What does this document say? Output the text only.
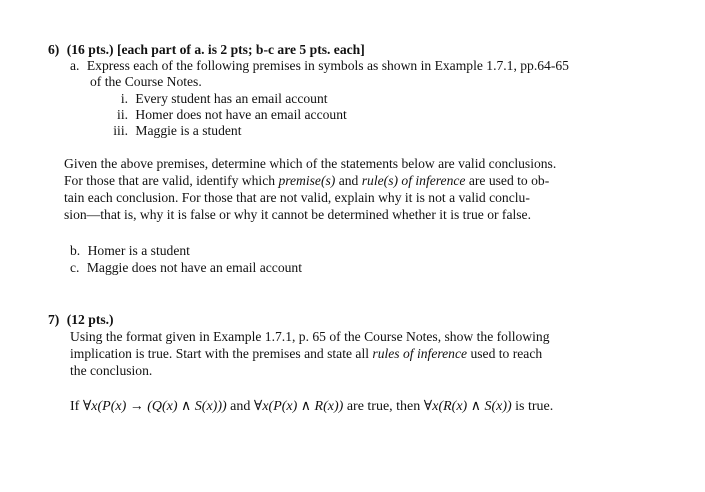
6) (16 pts.) [each part of a. is 2 pts; b-c are 5 pts. each]
a. Express each of the following premises in symbols as shown in Example 1.7.1, pp.64-65
of the Course Notes.
i. Every student has an email account
ii. Homer does not have an email account
iii. Maggie is a student
Given the above premises, determine which of the statements below are valid conclusions.
For those that are valid, identify which premise(s) and rule(s) of inference are used to ob-
tain each conclusion. For those that are not valid, explain why it is not a valid conclu-
sion—that is, why it is false or why it cannot be determined whether it is true or false.
b. Homer is a student
c. Maggie does not have an email account
7) (12 pts.)
Using the format given in Example 1.7.1, p. 65 of the Course Notes, show the following
implication is true. Start with the premises and state all rules of inference used to reach
the conclusion.
If ∀x(P(x) → (Q(x) ∧ S(x))) and ∀x(P(x) ∧ R(x)) are true, then ∀x(R(x) ∧ S(x)) is true.
